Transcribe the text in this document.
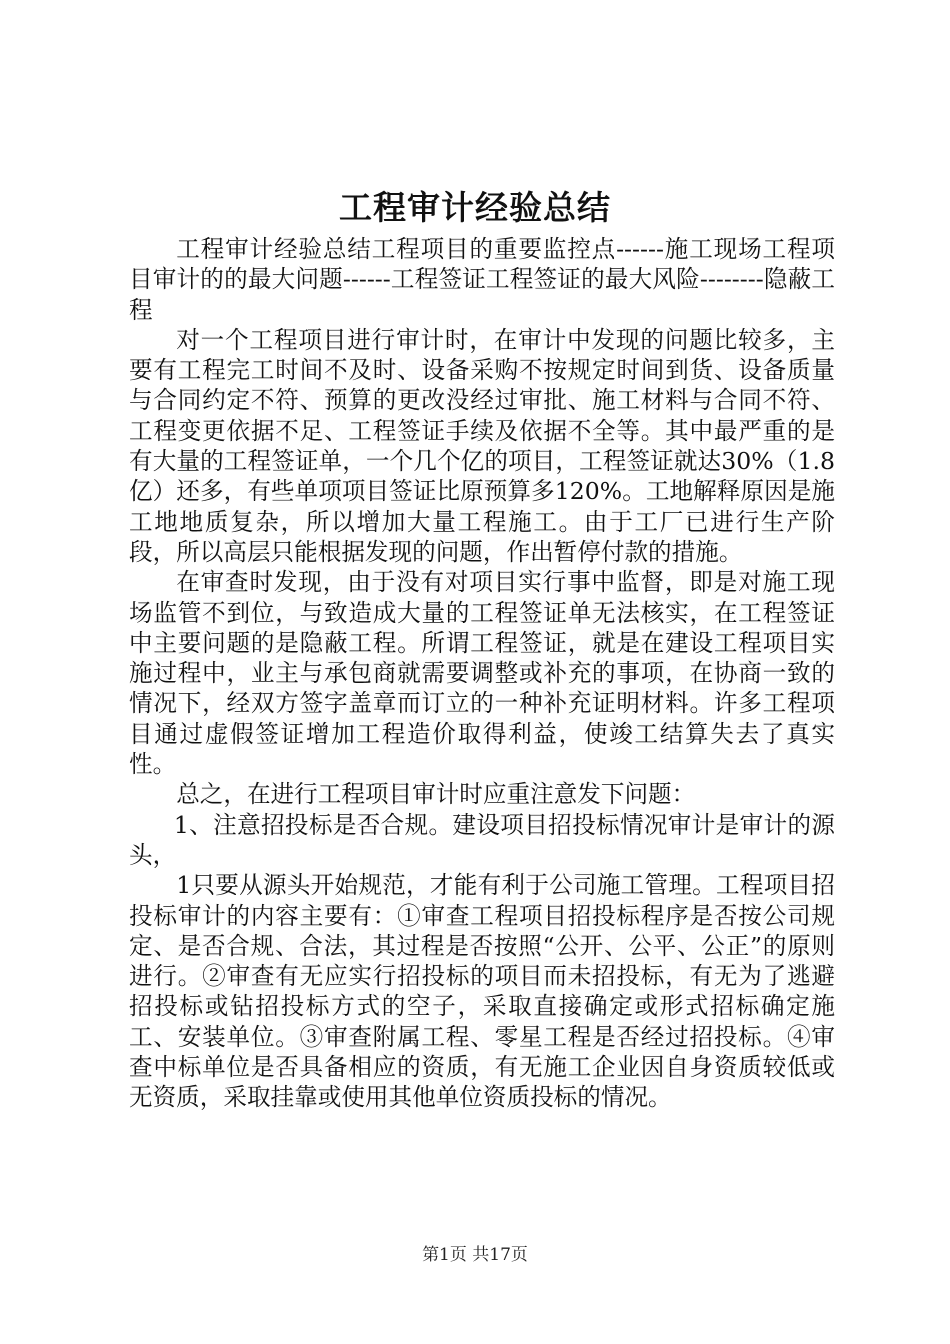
工程审计经验总结

工程审计经验总结工程项目的重要监控点------施工现场工程项目审计的的最大问题------工程签证工程签证的最大风险--------隐蔽工程

对一个工程项目进行审计时，在审计中发现的问题比较多，主要有工程完工时间不及时、设备采购不按规定时间到货、设备质量与合同约定不符、预算的更改没经过审批、施工材料与合同不符、工程变更依据不足、工程签证手续及依据不全等。其中最严重的是有大量的工程签证单，一个几个亿的项目，工程签证就达30%（1.8亿）还多，有些单项项目签证比原预算多120%。工地解释原因是施工地地质复杂，所以增加大量工程施工。由于工厂已进行生产阶段，所以高层只能根据发现的问题，作出暂停付款的措施。

在审查时发现，由于没有对项目实行事中监督，即是对施工现场监管不到位，与致造成大量的工程签证单无法核实，在工程签证中主要问题的是隐蔽工程。所谓工程签证，就是在建设工程项目实施过程中，业主与承包商就需要调整或补充的事项，在协商一致的情况下，经双方签字盖章而订立的一种补充证明材料。许多工程项目通过虚假签证增加工程造价取得利益，使竣工结算失去了真实性。

总之，在进行工程项目审计时应重注意发下问题：

1、注意招投标是否合规。建设项目招投标情况审计是审计的源头，

1只要从源头开始规范，才能有利于公司施工管理。工程项目招投标审计的内容主要有：①审查工程项目招投标程序是否按公司规定、是否合规、合法，其过程是否按照“公开、公平、公正”的原则进行。②审查有无应实行招投标的项目而未招投标，有无为了逃避招投标或钻招投标方式的空子，采取直接确定或形式招标确定施工、安装单位。③审查附属工程、零星工程是否经过招投标。④审查中标单位是否具备相应的资质，有无施工企业因自身资质较低或无资质，采取挂靠或使用其他单位资质投标的情况。

第1页 共17页
